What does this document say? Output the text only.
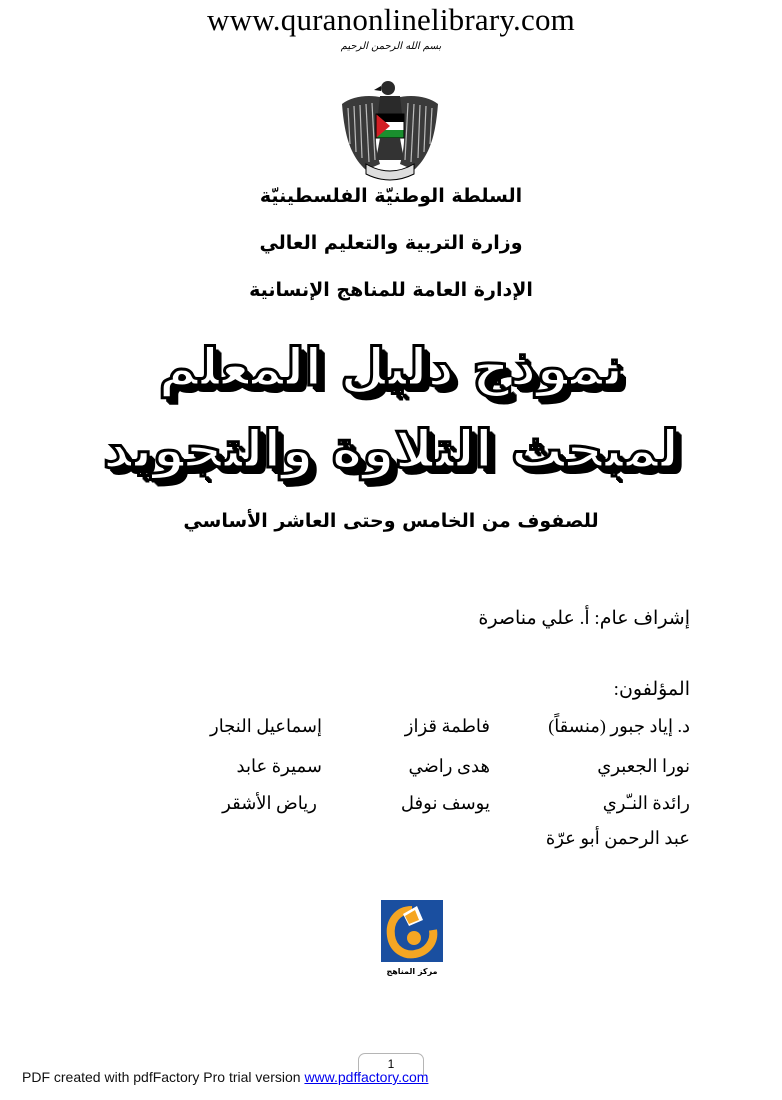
www.quranonlinelibrary.com
بسم الله الرحمن الرحيم
السلطة الوطنيّة الفلسطينيّة
وزارة التربية والتعليم العالي
الإدارة العامة للمناهج الإنسانية
نموذج دليل المعلم
لمبحث التلاوة والتجويد
للصفوف من الخامس وحتى العاشر الأساسي
إشراف عام: أ. علي مناصرة
المؤلفون:
د. إياد جبور (منسقاً)
نورا الجعبري
رائدة النـّري
عبد الرحمن أبو عرّة
فاطمة قزاز
هدى راضي
يوسف نوفل
إسماعيل النجار
سميرة عابد
رياض الأشقر
مركز المناهج
1
PDF created with pdfFactory Pro trial version www.pdffactory.com
